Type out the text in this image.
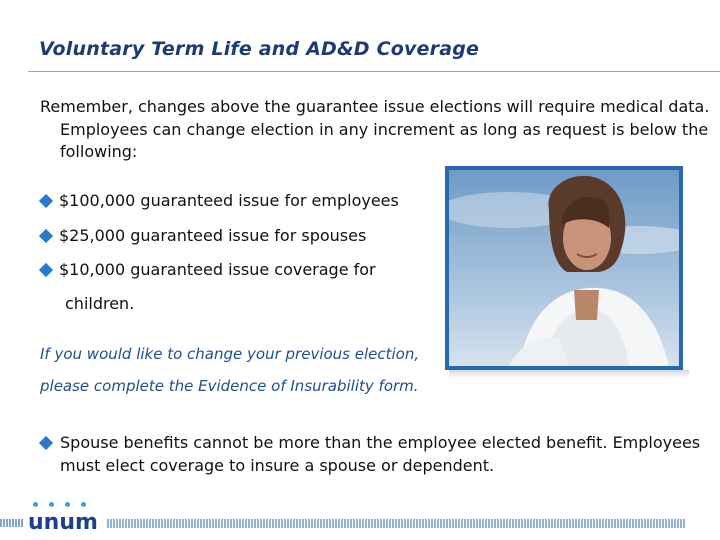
Voluntary Term Life and AD&D Coverage
Remember, changes above the guarantee issue elections will require medical data. Employees can change election in any increment as long as request is below the following:
$100,000 guaranteed issue for employees
$25,000 guaranteed issue for spouses
$10,000 guaranteed issue coverage for
children.
If you would like to change your previous election,
please complete the Evidence of Insurability form.
Spouse benefits cannot be more than the employee elected benefit. Employees must elect coverage to insure a spouse or dependent.
unum
